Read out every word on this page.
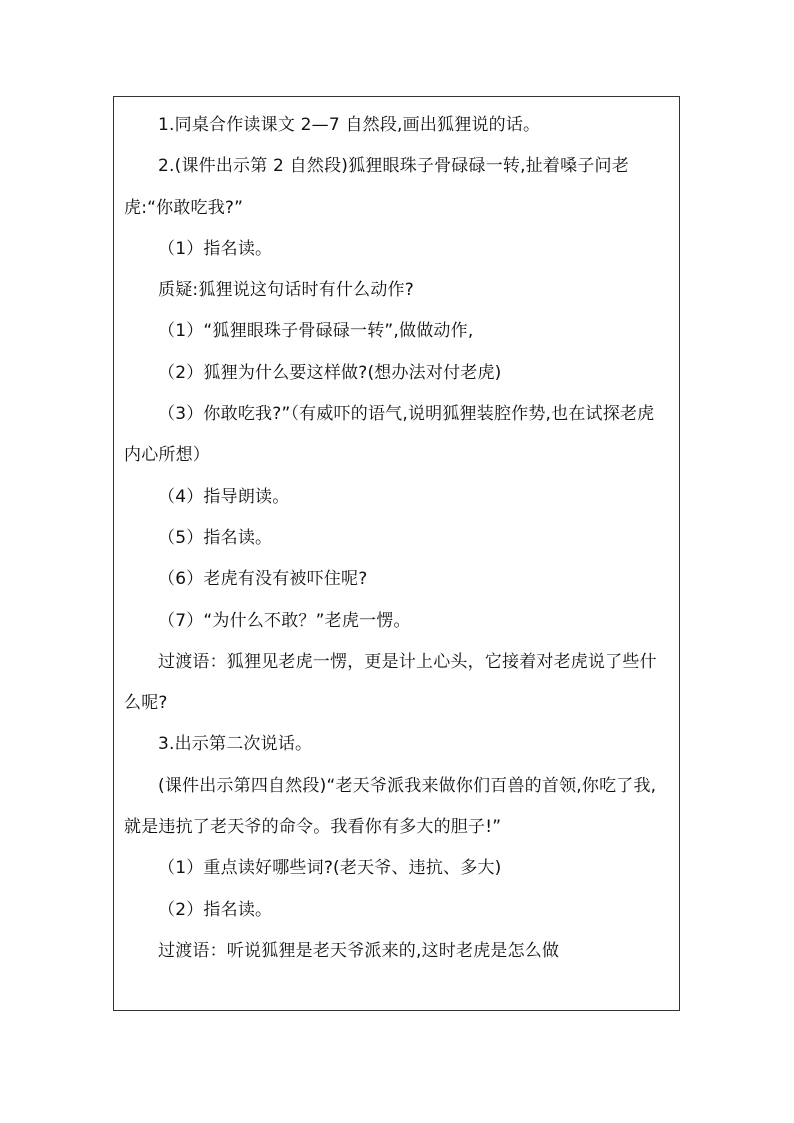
1.同桌合作读课文 2—7 自然段,画出狐狸说的话。

2.(课件出示第 2 自然段)狐狸眼珠子骨碌碌一转,扯着嗓子问老虎:“你敢吃我?”

（1）指名读。

质疑:狐狸说这句话时有什么动作?

（1）“狐狸眼珠子骨碌碌一转”,做做动作,

（2）狐狸为什么要这样做?(想办法对付老虎)

（3）你敢吃我?”（有威吓的语气,说明狐狸装腔作势,也在试探老虎内心所想）

（4）指导朗读。

（5）指名读。

（6）老虎有没有被吓住呢?

（7）“为什么不敢？”老虎一愣。

过渡语：狐狸见老虎一愣，更是计上心头，它接着对老虎说了些什么呢?

3.出示第二次说话。

(课件出示第四自然段)“老天爷派我来做你们百兽的首领,你吃了我,就是违抗了老天爷的命令。我看你有多大的胆子!”

（1）重点读好哪些词?(老天爷、违抗、多大)

（2）指名读。

过渡语：听说狐狸是老天爷派来的,这时老虎是怎么做
